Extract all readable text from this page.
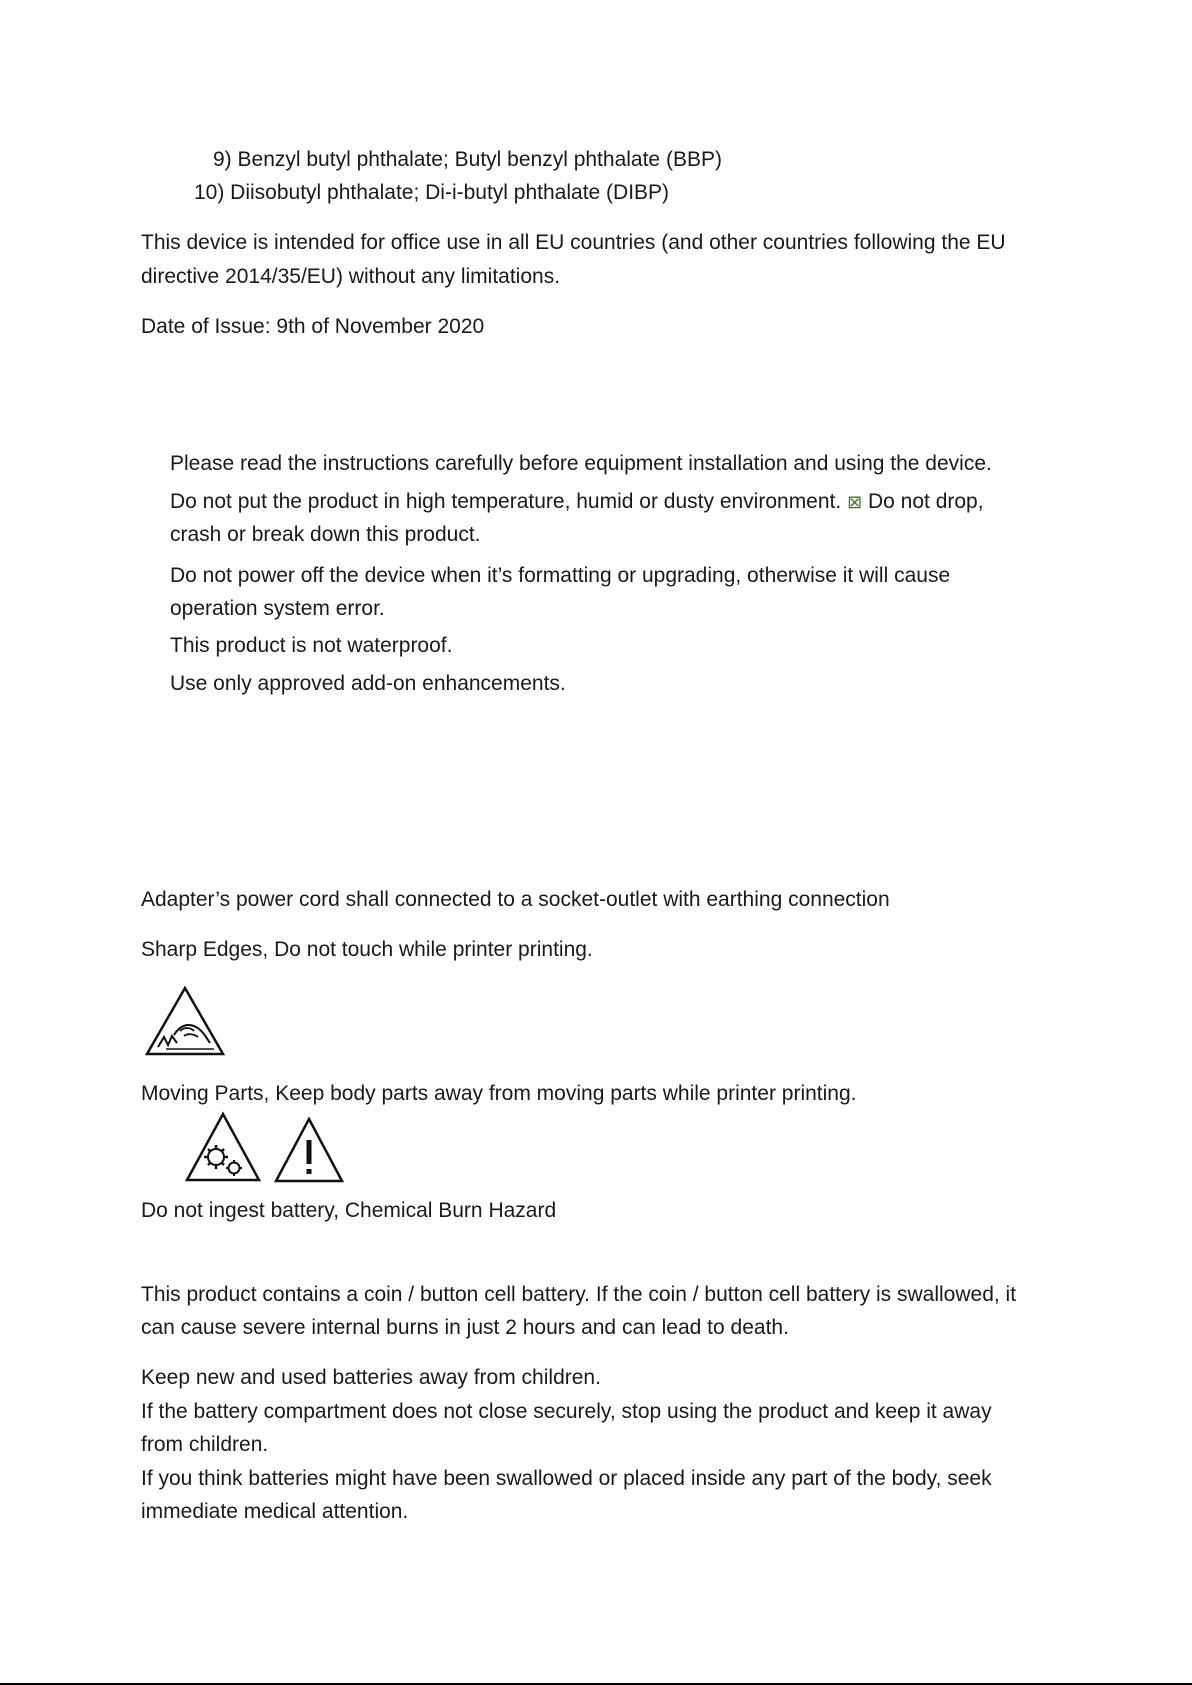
9) Benzyl butyl phthalate; Butyl benzyl phthalate (BBP)
10) Diisobutyl phthalate; Di-i-butyl phthalate (DIBP)
This device is intended for office use in all EU countries (and other countries following the EU
directive 2014/35/EU) without any limitations.
Date of Issue: 9th of November 2020
Please read the instructions carefully before equipment installation and using the device.
Do not put the product in high temperature, humid or dusty environment. ⊠ Do not drop,
crash or break down this product.
Do not power off the device when it’s formatting or upgrading, otherwise it will cause
operation system error.
This product is not waterproof.
Use only approved add-on enhancements.
Adapter’s power cord shall connected to a socket-outlet with earthing connection
Sharp Edges, Do not touch while printer printing.
Moving Parts, Keep body parts away from moving parts while printer printing.
Do not ingest battery, Chemical Burn Hazard
This product contains a coin / button cell battery. If the coin / button cell battery is swallowed, it
can cause severe internal burns in just 2 hours and can lead to death.
Keep new and used batteries away from children.
If the battery compartment does not close securely, stop using the product and keep it away
from children.
If you think batteries might have been swallowed or placed inside any part of the body, seek
immediate medical attention.
